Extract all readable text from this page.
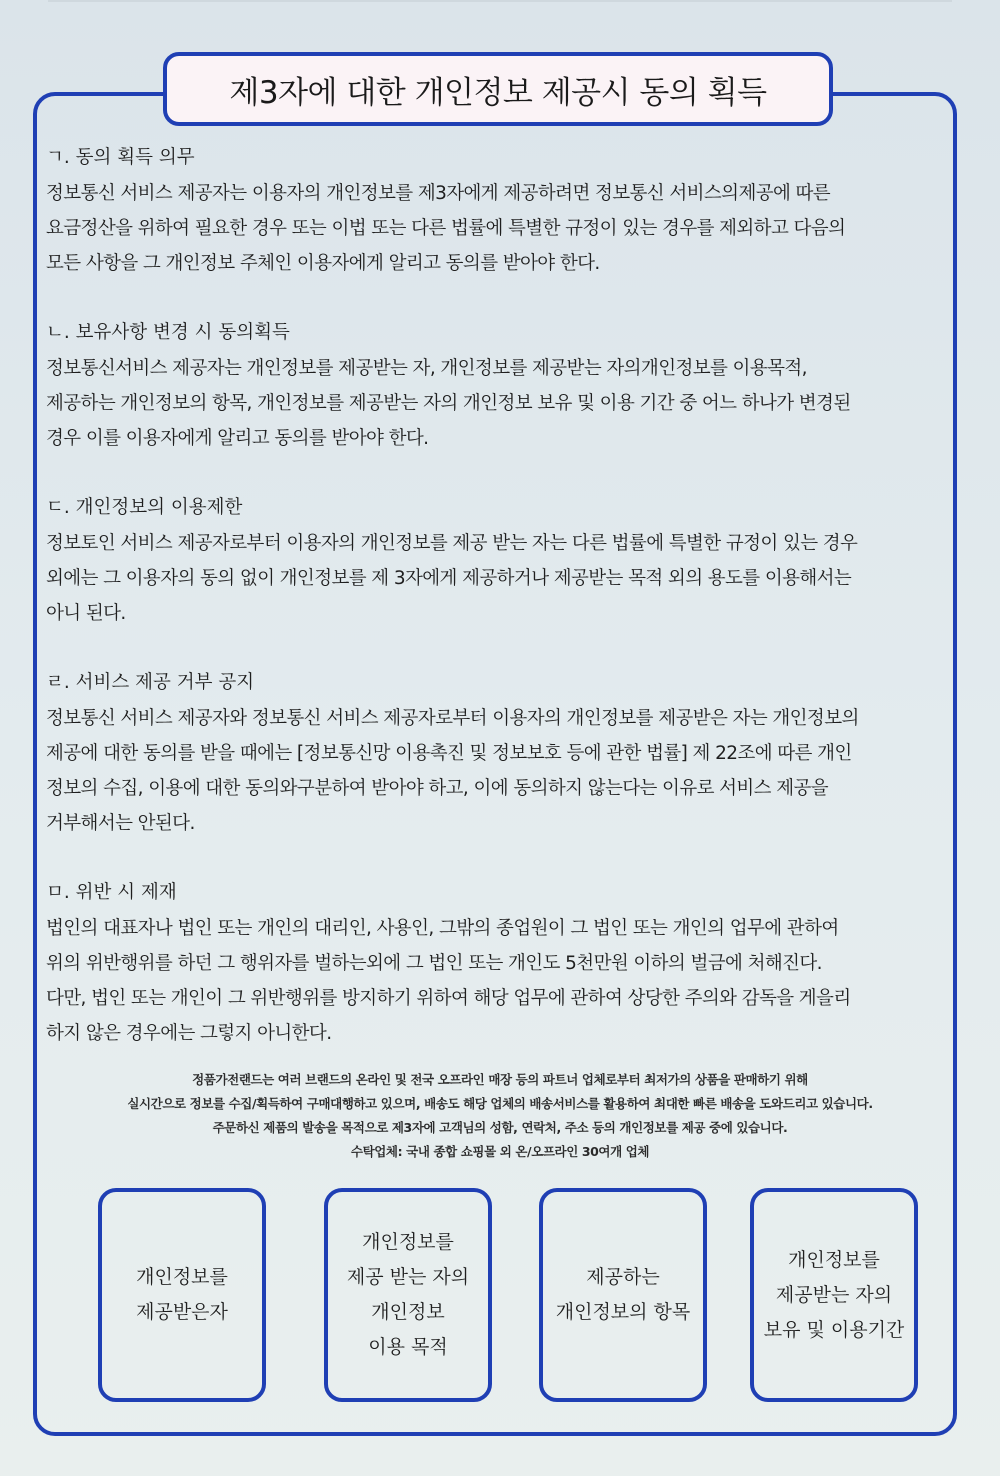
제3자에 대한 개인정보 제공시 동의 획득
ㄱ. 동의 획득 의무

정보통신 서비스 제공자는 이용자의 개인정보를 제3자에게 제공하려면 정보통신 서비스의제공에 따른
요금정산을 위하여 필요한 경우 또는 이법 또는 다른 법률에 특별한 규정이 있는 경우를 제외하고 다음의
모든 사항을 그 개인정보 주체인 이용자에게 알리고 동의를 받아야 한다.

ㄴ. 보유사항 변경 시 동의획득

정보통신서비스 제공자는 개인정보를 제공받는 자, 개인정보를 제공받는 자의개인정보를 이용목적,
제공하는 개인정보의 항목, 개인정보를 제공받는 자의 개인정보 보유 및 이용 기간 중 어느 하나가 변경된
경우 이를 이용자에게 알리고 동의를 받아야 한다.

ㄷ. 개인정보의 이용제한

정보토인 서비스 제공자로부터 이용자의 개인정보를 제공 받는 자는 다른 법률에 특별한 규정이 있는 경우
외에는 그 이용자의 동의 없이 개인정보를 제 3자에게 제공하거나 제공받는 목적 외의 용도를 이용해서는
아니 된다.

ㄹ. 서비스 제공 거부 공지

정보통신 서비스 제공자와 정보통신 서비스 제공자로부터 이용자의 개인정보를 제공받은 자는 개인정보의
제공에 대한 동의를 받을 때에는 [정보통신망 이용촉진 및 정보보호 등에 관한 법률] 제 22조에 따른 개인
정보의 수집, 이용에 대한 동의와구분하여 받아야 하고, 이에 동의하지 않는다는 이유로 서비스 제공을
거부해서는 안된다.

ㅁ. 위반 시 제재

법인의 대표자나 법인 또는 개인의 대리인, 사용인, 그밖의 종업원이 그 법인 또는 개인의 업무에 관하여
위의 위반행위를 하던 그 행위자를 벌하는외에 그 법인 또는 개인도 5천만원 이하의 벌금에 처해진다.
다만, 법인 또는 개인이 그 위반행위를 방지하기 위하여 해당 업무에 관하여 상당한 주의와 감독을 게을리
하지 않은 경우에는 그렇지 아니한다.

정품가전랜드는 여러 브랜드의 온라인 및 전국 오프라인 매장 등의 파트너 업체로부터 최저가의 상품을 판매하기 위해
실시간으로 정보를 수집/획득하여 구매대행하고 있으며, 배송도 해당 업체의 배송서비스를 활용하여 최대한 빠른 배송을 도와드리고 있습니다.
주문하신 제품의 발송을 목적으로 제3자에 고객님의 성함, 연락처, 주소 등의 개인정보를 제공 중에 있습니다.
수탁업체: 국내 종합 쇼핑몰 외 온/오프라인 30여개 업체
개인정보를
제공받은자
개인정보를
제공 받는 자의
개인정보
이용 목적
제공하는
개인정보의 항목
개인정보를
제공받는 자의
보유 및 이용기간
